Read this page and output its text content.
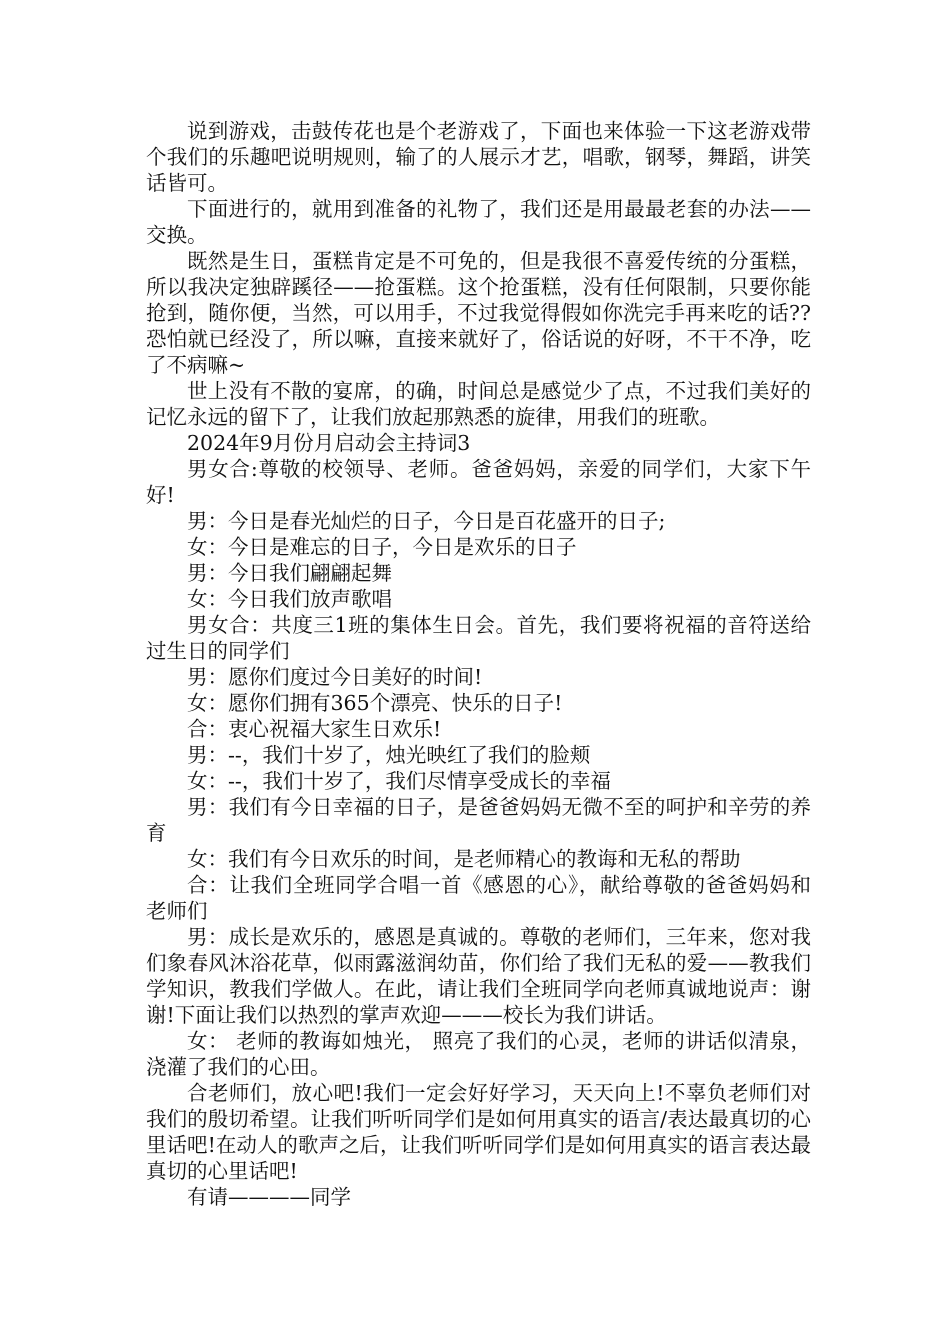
说到游戏，击鼓传花也是个老游戏了，下面也来体验一下这老游戏带个我们的乐趣吧说明规则，输了的人展示才艺，唱歌，钢琴，舞蹈，讲笑话皆可。

下面进行的，就用到准备的礼物了，我们还是用最最老套的办法——交换。

既然是生日，蛋糕肯定是不可免的，但是我很不喜爱传统的分蛋糕，所以我决定独辟蹊径——抢蛋糕。这个抢蛋糕，没有任何限制，只要你能抢到，随你便，当然，可以用手，不过我觉得假如你洗完手再来吃的话??恐怕就已经没了，所以嘛，直接来就好了，俗话说的好呀，不干不净，吃了不病嘛~

世上没有不散的宴席，的确，时间总是感觉少了点，不过我们美好的记忆永远的留下了，让我们放起那熟悉的旋律，用我们的班歌。

2024年9月份月启动会主持词3

男女合:尊敬的校领导、老师。爸爸妈妈，亲爱的同学们，大家下午好!

男：今日是春光灿烂的日子，今日是百花盛开的日子;

女：今日是难忘的日子，今日是欢乐的日子

男：今日我们翩翩起舞

女：今日我们放声歌唱

男女合：共度三1班的集体生日会。首先，我们要将祝福的音符送给过生日的同学们

男：愿你们度过今日美好的时间!

女：愿你们拥有365个漂亮、快乐的日子!

合：衷心祝福大家生日欢乐!

男：--，我们十岁了，烛光映红了我们的脸颊

女：--，我们十岁了，我们尽情享受成长的幸福

男：我们有今日幸福的日子，是爸爸妈妈无微不至的呵护和辛劳的养育

女：我们有今日欢乐的时间，是老师精心的教诲和无私的帮助

合：让我们全班同学合唱一首《感恩的心》，献给尊敬的爸爸妈妈和老师们

男：成长是欢乐的，感恩是真诚的。尊敬的老师们，三年来，您对我们象春风沐浴花草，似雨露滋润幼苗，你们给了我们无私的爱——教我们学知识，教我们学做人。在此，请让我们全班同学向老师真诚地说声：谢谢!下面让我们以热烈的掌声欢迎———校长为我们讲话。

女： 老师的教诲如烛光， 照亮了我们的心灵，老师的讲话似清泉，浇灌了我们的心田。

合老师们，放心吧!我们一定会好好学习，天天向上!不辜负老师们对我们的殷切希望。让我们听听同学们是如何用真实的语言/表达最真切的心里话吧!在动人的歌声之后，让我们听听同学们是如何用真实的语言表达最真切的心里话吧!

有请————同学
